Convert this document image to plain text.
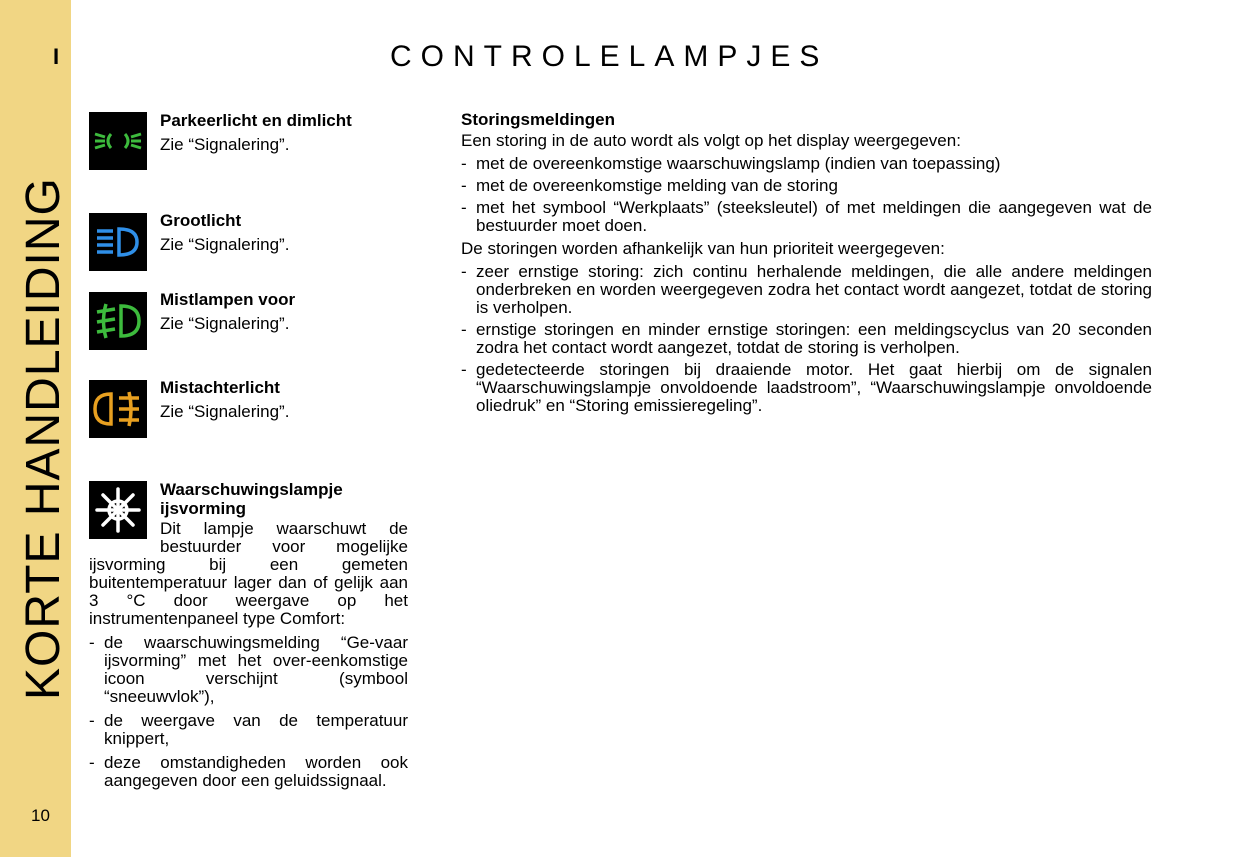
I
KORTE HANDLEIDING
10
CONTROLELAMPJES
Parkeerlicht en dimlicht
Zie “Signalering”.
Grootlicht
Zie “Signalering”.
Mistlampen voor
Zie “Signalering”.
Mistachterlicht
Zie “Signalering”.
Waarschuwingslampje
ijsvorming
Dit lampje waarschuwt de bestuurder voor mogelijke ijsvorming bij een gemeten buitentemperatuur lager dan of gelijk aan 3 °C door weergave op het instrumentenpaneel type Comfort:
- de waarschuwingsmelding “Ge-vaar ijsvorming” met het over-eenkomstige icoon verschijnt (symbool “sneeuwvlok”),
- de weergave van de temperatuur knippert,
- deze omstandigheden worden ook aangegeven door een geluidssignaal.

Storingsmeldingen

Een storing in de auto wordt als volgt op het display weergegeven:

- met de overeenkomstige waarschuwingslamp (indien van toepassing)
- met de overeenkomstige melding van de storing
- met het symbool “Werkplaats” (steeksleutel) of met meldingen die aangegeven wat de bestuurder moet doen.

De storingen worden afhankelijk van hun prioriteit weergegeven:

- zeer ernstige storing: zich continu herhalende meldingen, die alle andere meldingen onderbreken en worden weergegeven zodra het contact wordt aangezet, totdat de storing is verholpen.
- ernstige storingen en minder ernstige storingen: een meldingscyclus van 20 seconden zodra het contact wordt aangezet, totdat de storing is verholpen.
- gedetecteerde storingen bij draaiende motor. Het gaat hierbij om de signalen “Waarschuwingslampje onvoldoende laadstroom”, “Waarschuwingslampje onvoldoende oliedruk” en “Storing emissieregeling”.
